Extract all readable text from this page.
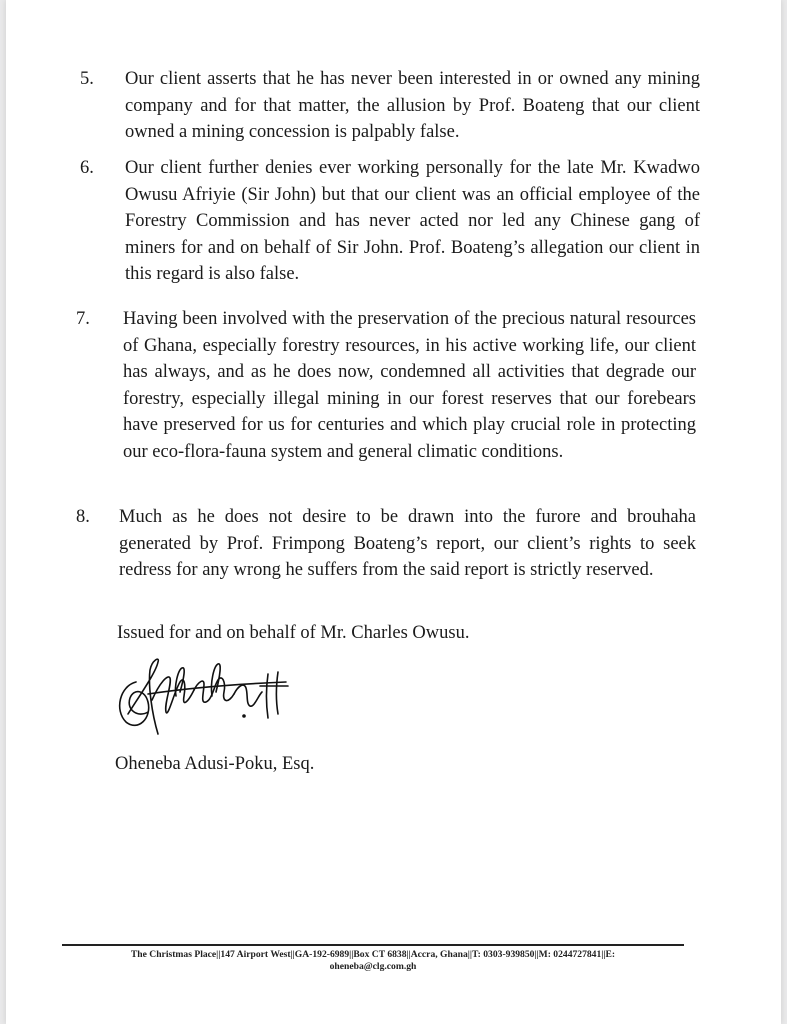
5.	Our client asserts that he has never been interested in or owned any mining company and for that matter, the allusion by Prof. Boateng that our client owned a mining concession is palpably false.
6.	Our client further denies ever working personally for the late Mr. Kwadwo Owusu Afriyie (Sir John) but that our client was an official employee of the Forestry Commission and has never acted nor led any Chinese gang of miners for and on behalf of Sir John. Prof. Boateng’s allegation our client in this regard is also false.
7.	Having been involved with the preservation of the precious natural resources of Ghana, especially forestry resources, in his active working life, our client has always, and as he does now, condemned all activities that degrade our forestry, especially illegal mining in our forest reserves that our forebears have preserved for us for centuries and which play crucial role in protecting our eco-flora-fauna system and general climatic conditions.
8.	Much as he does not desire to be drawn into the furore and brouhaha generated by Prof. Frimpong Boateng’s report, our client’s rights to seek redress for any wrong he suffers from the said report is strictly reserved.
Issued for and on behalf of Mr. Charles Owusu.
Oheneba Adusi-Poku, Esq.
The Christmas Place||147 Airport West||GA-192-6989||Box CT 6838||Accra, Ghana||T: 0303-939850||M: 0244727841||E:
oheneba@clg.com.gh
